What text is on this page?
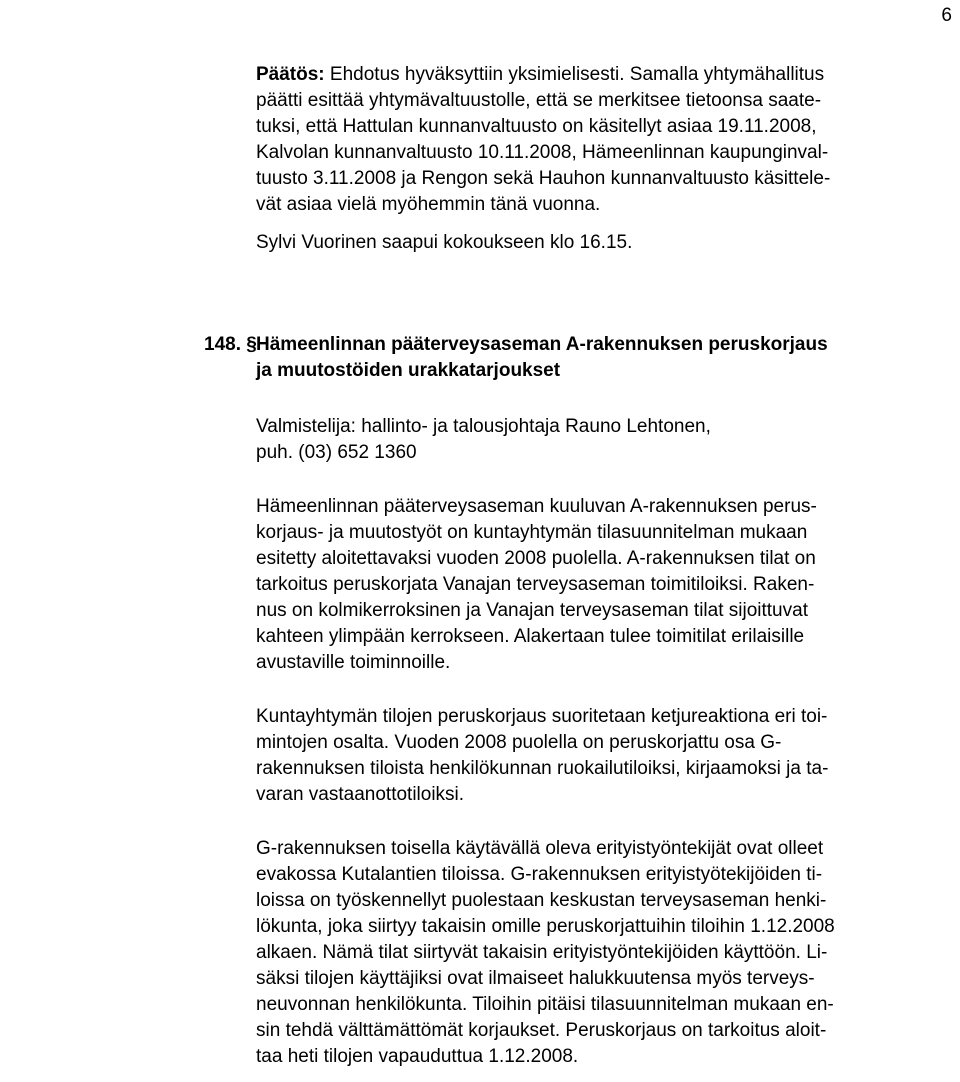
6

Päätös: Ehdotus hyväksyttiin yksimielisesti. Samalla yhtymähallitus
päätti esittää yhtymävaltuustolle, että se merkitsee tietoonsa saate-
tuksi, että Hattulan kunnanvaltuusto on käsitellyt asiaa 19.11.2008,
Kalvolan kunnanvaltuusto 10.11.2008, Hämeenlinnan kaupunginval-
tuusto 3.11.2008 ja Rengon sekä Hauhon kunnanvaltuusto käsittele-
vät asiaa vielä myöhemmin tänä vuonna.

Sylvi Vuorinen saapui kokoukseen klo 16.15.

148. § Hämeenlinnan pääterveysaseman A-rakennuksen peruskorjaus
ja muutostöiden urakkatarjoukset

Valmistelija: hallinto- ja talousjohtaja Rauno Lehtonen,
puh. (03) 652 1360

Hämeenlinnan pääterveysaseman kuuluvan A-rakennuksen perus-
korjaus- ja muutostyöt on kuntayhtymän tilasuunnitelman mukaan
esitetty aloitettavaksi vuoden 2008 puolella. A-rakennuksen tilat on
tarkoitus peruskorjata Vanajan terveysaseman toimitiloiksi. Raken-
nus on kolmikerroksinen ja Vanajan terveysaseman tilat sijoittuvat
kahteen ylimpään kerrokseen. Alakertaan tulee toimitilat erilaisille
avustaville toiminnoille.

Kuntayhtymän tilojen peruskorjaus suoritetaan ketjureaktiona eri toi-
mintojen osalta. Vuoden 2008 puolella on peruskorjattu osa G-
rakennuksen tiloista henkilökunnan ruokailutiloiksi, kirjaamoksi ja ta-
varan vastaanottotiloiksi.

G-rakennuksen toisella käytävällä oleva erityistyöntekijät ovat olleet
evakossa Kutalantien tiloissa. G-rakennuksen erityistyötekijöiden ti-
loissa on työskennellyt puolestaan keskustan terveysaseman henki-
lökunta, joka siirtyy takaisin omille peruskorjattuihin tiloihin 1.12.2008
alkaen. Nämä tilat siirtyvät takaisin erityistyöntekijöiden käyttöön. Li-
säksi tilojen käyttäjiksi ovat ilmaiseet halukkuutensa myös terveys-
neuvonnan henkilökunta. Tiloihin pitäisi tilasuunnitelman mukaan en-
sin tehdä välttämättömät korjaukset. Peruskorjaus on tarkoitus aloit-
taa heti tilojen vapauduttua 1.12.2008.
